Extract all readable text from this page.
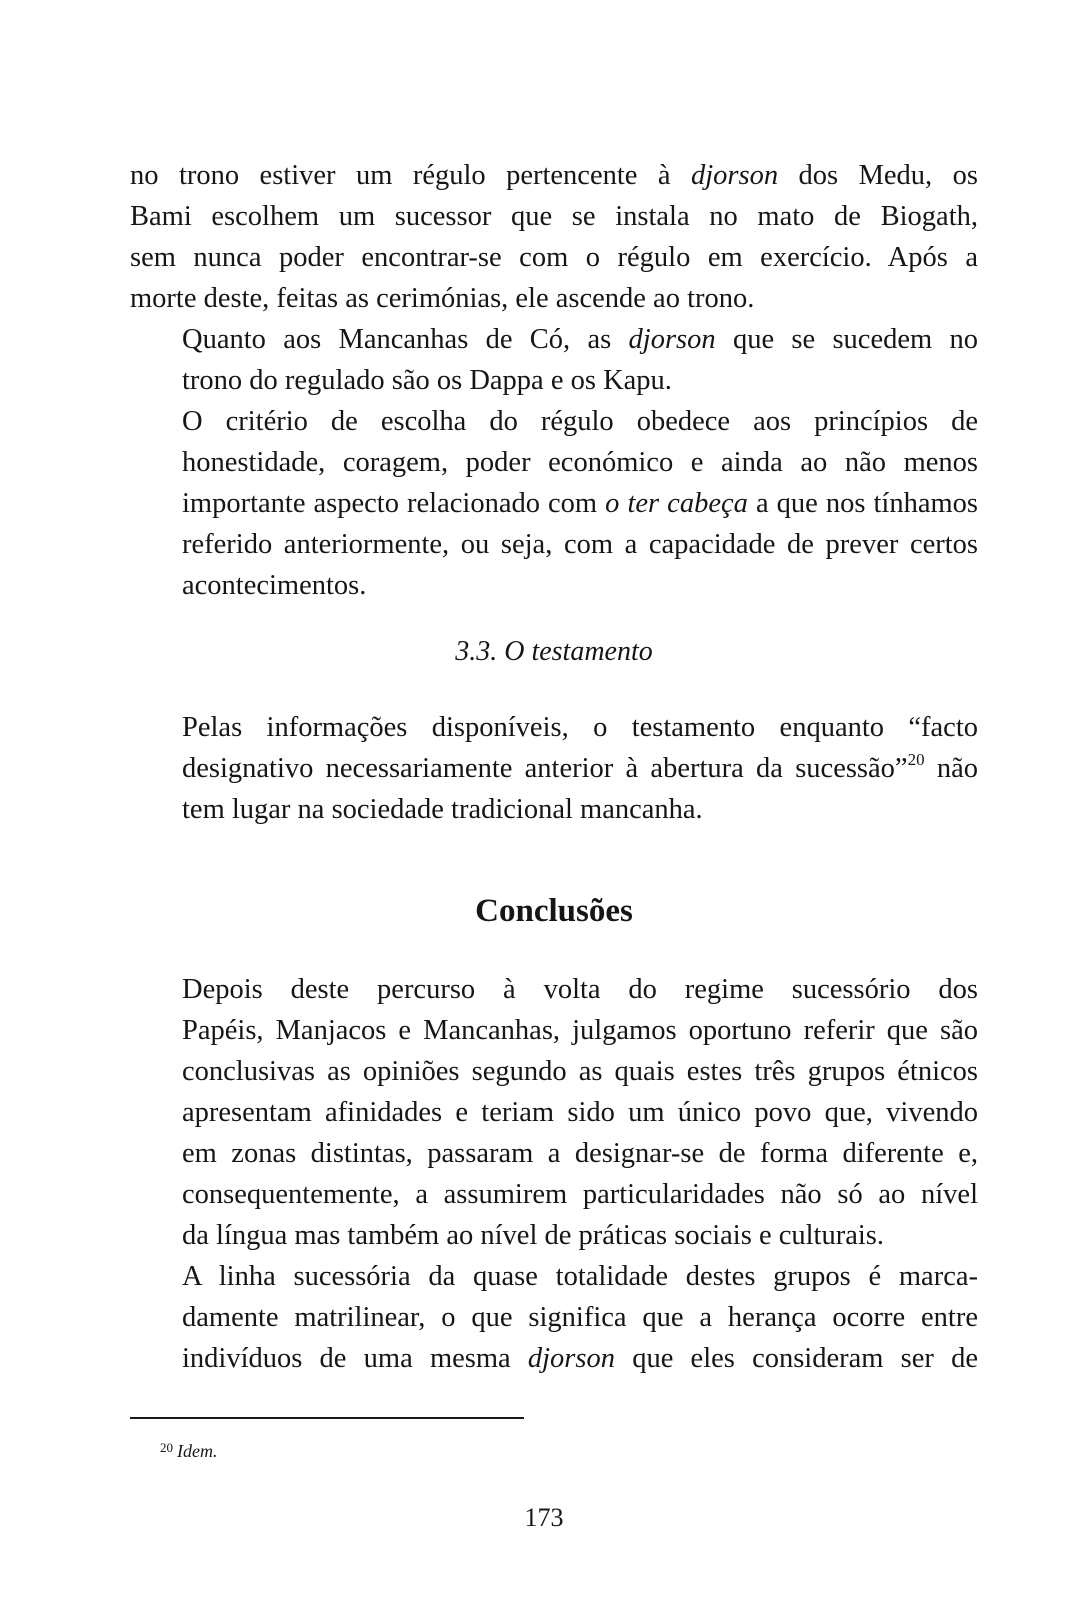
no trono estiver um régulo pertencente à djorson dos Medu, os
Bami escolhem um sucessor que se instala no mato de Biogath,
sem nunca poder encontrar-se com o régulo em exercício. Após a
morte deste, feitas as cerimónias, ele ascende ao trono.

Quanto aos Mancanhas de Có, as djorson que se sucedem no
trono do regulado são os Dappa e os Kapu.

O critério de escolha do régulo obedece aos princípios de
honestidade, coragem, poder económico e ainda ao não menos
importante aspecto relacionado com o ter cabeça a que nos tínhamos
referido anteriormente, ou seja, com a capacidade de prever certos
acontecimentos.

3.3. O testamento

Pelas informações disponíveis, o testamento enquanto “facto
designativo necessariamente anterior à abertura da sucessão”$^{20}$ não
tem lugar na sociedade tradicional mancanha.

Conclusões

Depois deste percurso à volta do regime sucessório dos
Papéis, Manjacos e Mancanhas, julgamos oportuno referir que são
conclusivas as opiniões segundo as quais estes três grupos étnicos
apresentam afinidades e teriam sido um único povo que, vivendo
em zonas distintas, passaram a designar-se de forma diferente e,
consequentemente, a assumirem particularidades não só ao nível
da língua mas também ao nível de práticas sociais e culturais.

A linha sucessória da quase totalidade destes grupos é marca-
damente matrilinear, o que significa que a herança ocorre entre
indivíduos de uma mesma djorson que eles consideram ser de

$^{20}$ Idem.
173
